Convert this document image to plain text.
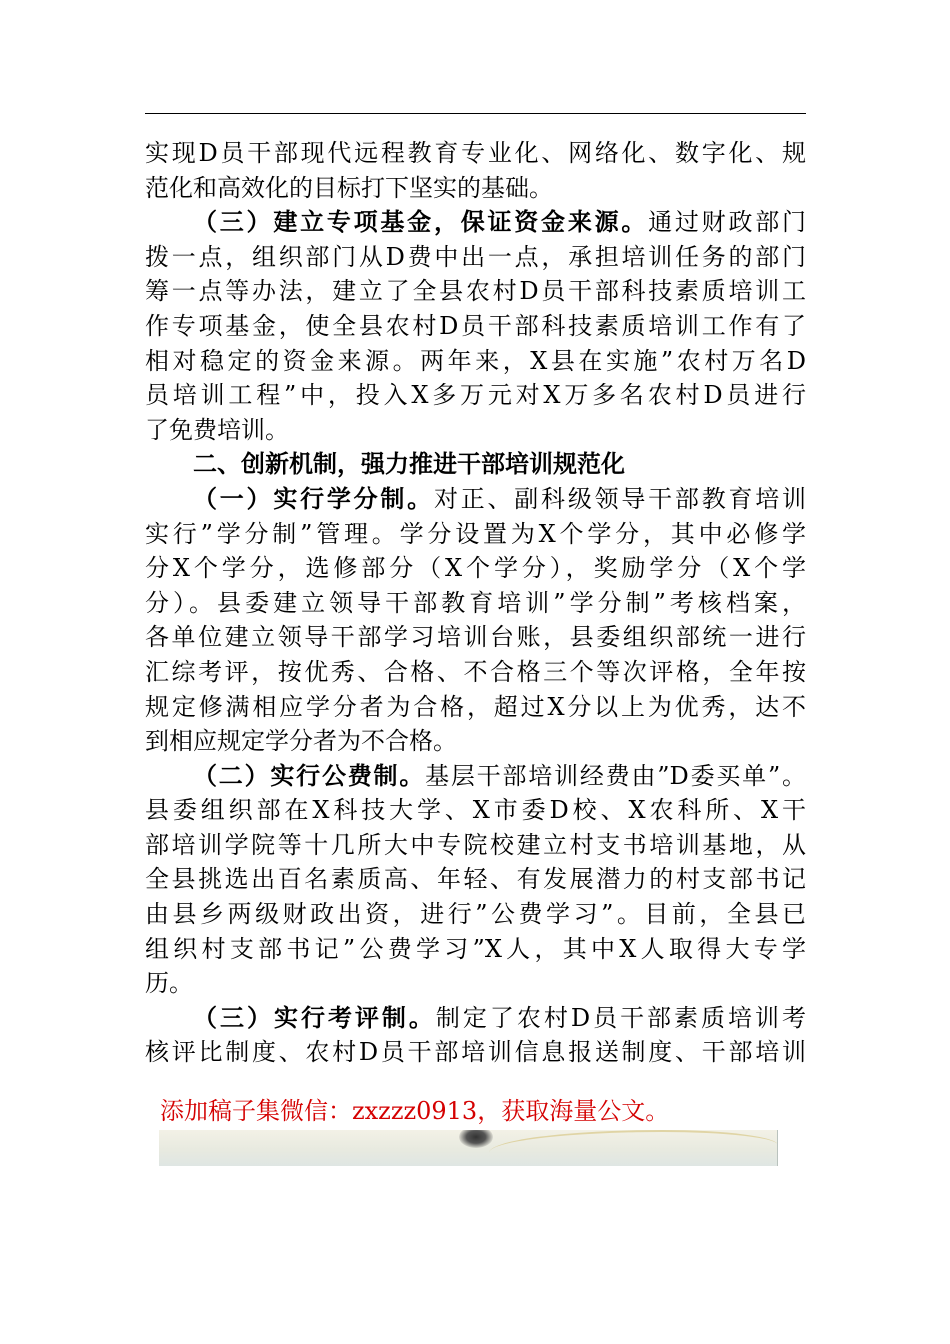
实现D员干部现代远程教育专业化、网络化、数字化、规
范化和高效化的目标打下坚实的基础。
（三）建立专项基金，保证资金来源。通过财政部门
拨一点，组织部门从D费中出一点，承担培训任务的部门
筹一点等办法，建立了全县农村D员干部科技素质培训工
作专项基金，使全县农村D员干部科技素质培训工作有了
相对稳定的资金来源。两年来，X县在实施”农村万名D
员培训工程”中，投入X多万元对X万多名农村D员进行
了免费培训。
二、创新机制，强力推进干部培训规范化
（一）实行学分制。对正、副科级领导干部教育培训
实行”学分制”管理。学分设置为X个学分，其中必修学
分X个学分，选修部分（X个学分），奖励学分（X个学
分）。县委建立领导干部教育培训”学分制”考核档案，
各单位建立领导干部学习培训台账，县委组织部统一进行
汇综考评，按优秀、合格、不合格三个等次评格，全年按
规定修满相应学分者为合格，超过X分以上为优秀，达不
到相应规定学分者为不合格。
（二）实行公费制。基层干部培训经费由”D委买单”。
县委组织部在X科技大学、X市委D校、X农科所、X干
部培训学院等十几所大中专院校建立村支书培训基地，从
全县挑选出百名素质高、年轻、有发展潜力的村支部书记
由县乡两级财政出资，进行”公费学习”。目前，全县已
组织村支部书记”公费学习”X人，其中X人取得大专学
历。
（三）实行考评制。制定了农村D员干部素质培训考
核评比制度、农村D员干部培训信息报送制度、干部培训
添加稿子集微信：zxzzz0913，获取海量公文。
